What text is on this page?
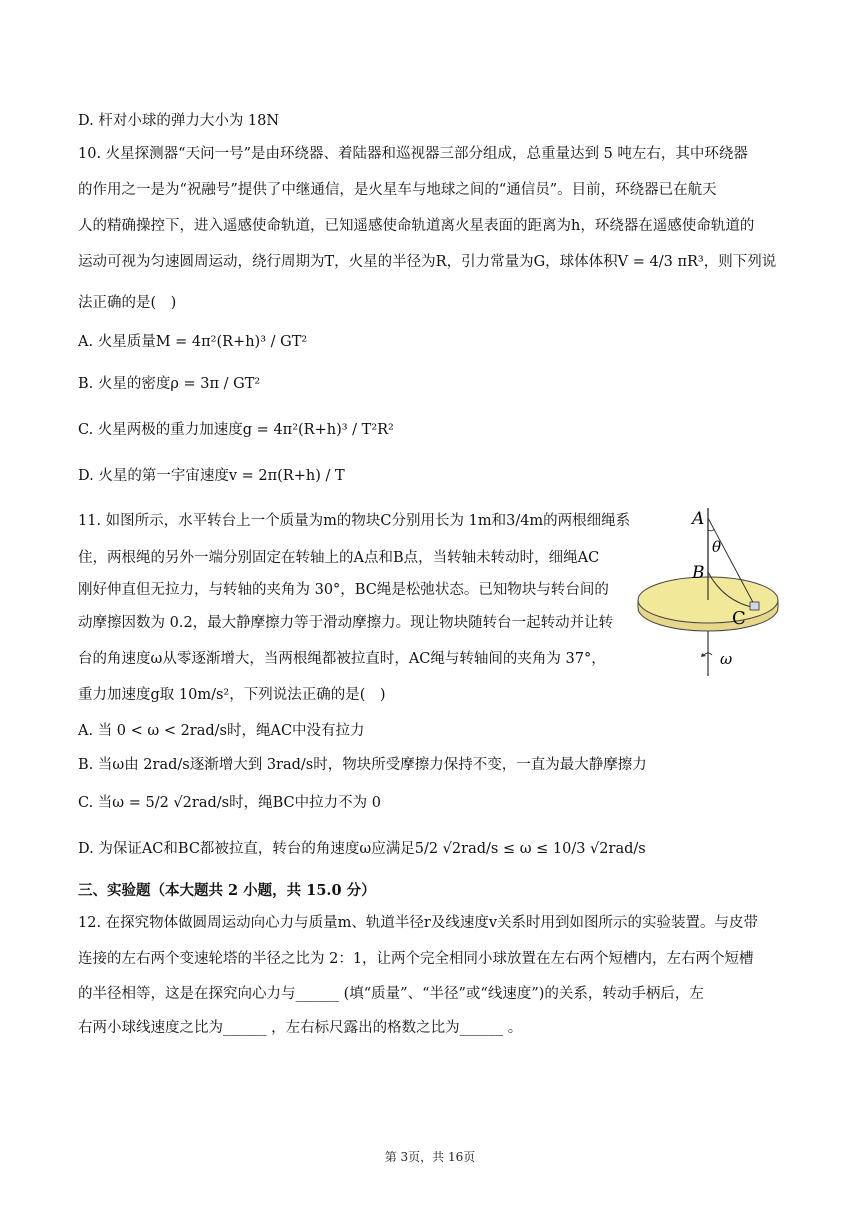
D. 杆对小球的弹力大小为 18N
10. 火星探测器“天问一号”是由环绕器、着陆器和巡视器三部分组成，总重量达到 5 吨左右，其中环绕器
的作用之一是为“祝融号”提供了中继通信，是火星车与地球之间的“通信员”。目前，环绕器已在航天
人的精确操控下，进入遥感使命轨道，已知遥感使命轨道离火星表面的距离为h，环绕器在遥感使命轨道的
运动可视为匀速圆周运动，绕行周期为T，火星的半径为R，引力常量为G，球体体积V = 4/3 πR³，则下列说
法正确的是(　)
A. 火星质量M = 4π²(R+h)³ / GT²
B. 火星的密度ρ = 3π / GT²
C. 火星两极的重力加速度g = 4π²(R+h)³ / T²R²
D. 火星的第一宇宙速度v = 2π(R+h) / T
11. 如图所示，水平转台上一个质量为m的物块C分别用长为 1m和3/4m的两根细绳系
住，两根绳的另外一端分别固定在转轴上的A点和B点，当转轴未转动时，细绳AC
刚好伸直但无拉力，与转轴的夹角为 30°，BC绳是松弛状态。已知物块与转台间的
动摩擦因数为 0.2，最大静摩擦力等于滑动摩擦力。现让物块随转台一起转动并让转
台的角速度ω从零逐渐增大，当两根绳都被拉直时，AC绳与转轴间的夹角为 37°，
重力加速度g取 10m/s²，下列说法正确的是(　)
A
θ
B
C
ω
A. 当 0 < ω < 2rad/s时，绳AC中没有拉力
B. 当ω由 2rad/s逐渐增大到 3rad/s时，物块所受摩擦力保持不变，一直为最大静摩擦力
C. 当ω = 5/2 √2rad/s时，绳BC中拉力不为 0
D. 为保证AC和BC都被拉直，转台的角速度ω应满足5/2 √2rad/s ≤ ω ≤ 10/3 √2rad/s
三、实验题（本大题共 2 小题，共 15.0 分）
12. 在探究物体做圆周运动向心力与质量m、轨道半径r及线速度v关系时用到如图所示的实验装置。与皮带
连接的左右两个变速轮塔的半径之比为 2：1，让两个完全相同小球放置在左右两个短槽内，左右两个短槽
的半径相等，这是在探究向心力与______ (填“质量”、“半径”或“线速度”)的关系，转动手柄后，左
右两小球线速度之比为______ ，左右标尺露出的格数之比为______ 。
第 3页，共 16页
